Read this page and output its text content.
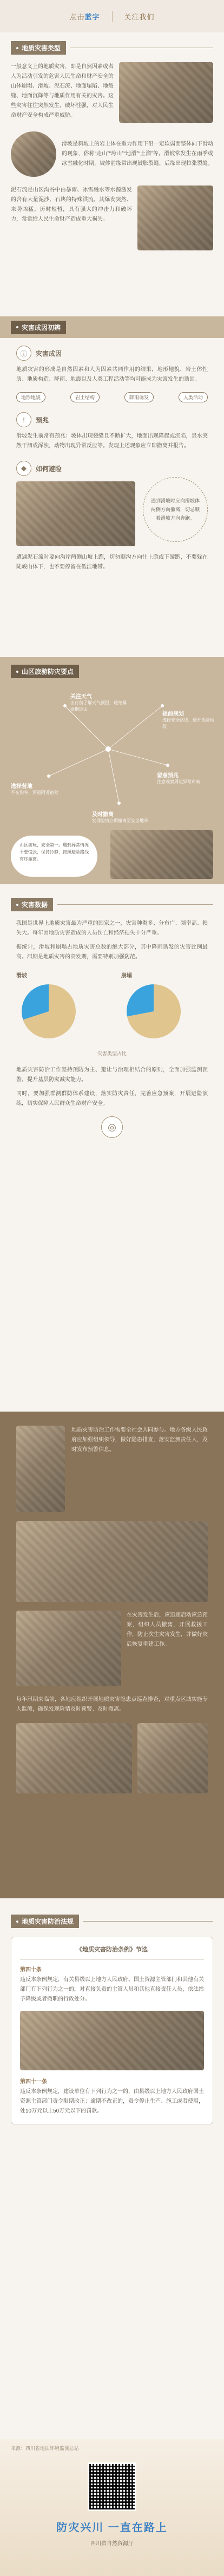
点击蓝字	关注我们
地质灾害类型

一般意义上的地质灾害，即是自然因素或者人为活动引发的危害人民生命和财产安全的山体崩塌、滑坡、泥石流、地面塌陷、地裂缝、地面沉降等与地质作用有关的灾害。这些灾害往往突然发生，破坏性强，对人民生命财产安全构成严重威胁。

滑坡是斜坡上的岩土体在重力作用下沿一定软弱面整体向下滑动的现象，俗称“走山”“垮山”“地滑”“土溜”等。滑坡常发生在雨季或冰雪融化时期，坡体前缘常出现鼓胀裂缝，后缘出现拉张裂缝。

泥石流是山区沟谷中由暴雨、冰雪融水等水源激发的含有大量泥沙、石块的特殊洪流。其爆发突然、来势凶猛、历时短暂，具有强大的冲击力和破坏力，常常给人民生命财产造成重大损失。

灾害成因初辨
ⓘ	灾害成因

地质灾害的形成是自然因素和人为因素共同作用的结果，地形地貌、岩土体性质、地质构造、降雨、地震以及人类工程活动等均可能成为灾害发生的诱因。

地形地貌	岩土结构	降雨诱发	人类活动
!	预兆

滑坡发生前常有预兆：坡体出现裂缝且不断扩大，地面出现隆起或沉陷，泉水突然干涸或浑浊，动物出现异常反应等。发现上述现象应立即撤离并报告。

◆	如何避险

遇到滑坡时应向滑坡体两侧方向撤离，切忌顺着滑坡方向奔跑。

遭遇泥石流时要向沟岸两侧山坡上跑，切勿顺沟方向往上游或下游跑，不要躲在陡峻山体下，也不要停留在低洼地带。

山区旅游防灾要点
关注天气
出行前了解天气预报，避免暴雨期进山
提前规划
选择安全路线，避开危险地段
选择营地
不在沟谷、河道附近宿营
留意预兆
注意观察周边异常声响
及时撤离
发现险情立即撤离至安全地带

山区游玩，安全第一。遇到异常情况不要慌张，保持冷静，按照避险路线有序撤离。

灾害数据

我国是世界上地质灾害最为严重的国家之一，灾害种类多、分布广、频率高、损失大。每年因地质灾害造成的人员伤亡和经济损失十分严重。

据统计，滑坡和崩塌占地质灾害总数的绝大部分，其中降雨诱发的灾害比例最高。汛期是地质灾害的高发期，需要特别加强防范。

滑坡	崩塌
灾害类型占比

地质灾害防治工作坚持预防为主、避让与治理相结合的原则，全面加强监测预警，提升基层防灾减灾能力。

同时，要加强群测群防体系建设，落实防灾责任，完善应急预案，开展避险演练，切实保障人民群众生命财产安全。

◎

地质灾害防治工作需要全社会共同参与。地方各级人民政府应加强组织领导，做好隐患排查，落实监测责任人，及时发布预警信息。

在灾害发生后，应迅速启动应急预案，组织人员撤离，开展救援工作，防止次生灾害发生，并做好灾后恢复重建工作。

每年汛期来临前，各地应组织开展地质灾害隐患点巡查排查，对重点区域实施专人监测，确保发现险情及时预警、及时撤离。

地质灾害防治法规
《地质灾害防治条例》节选
第四十条

违反本条例规定，有关县级以上地方人民政府、国土资源主管部门和其他有关部门有下列行为之一的，对直接负责的主管人员和其他直接责任人员，依法给予降级或者撤职的行政处分。

第四十一条

违反本条例规定，建设单位有下列行为之一的，由县级以上地方人民政府国土资源主管部门责令限期改正；逾期不改正的，责令停止生产、施工或者使用，处10万元以上50万元以下的罚款。

来源：四川省地质环境监测总站
防灾兴川 一直在路上
四川省自然资源厅
